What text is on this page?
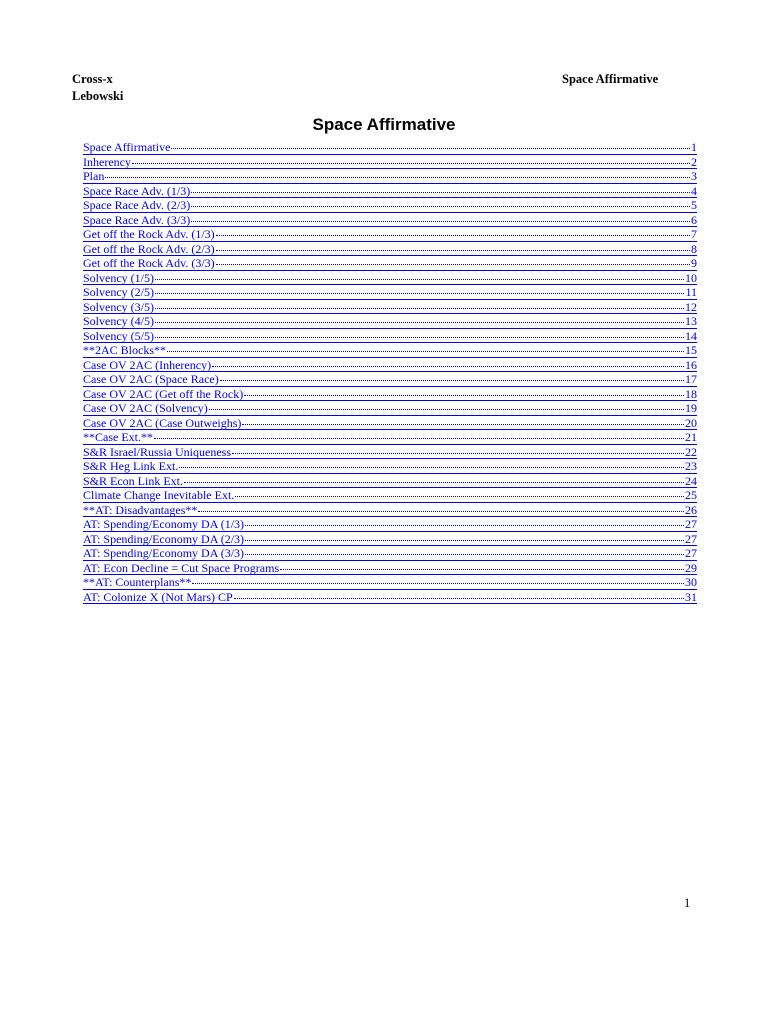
Cross-x
Lebowski
Space Affirmative
Space Affirmative
Space Affirmative	1
Inherency	2
Plan	3
Space Race Adv. (1/3)	4
Space Race Adv. (2/3)	5
Space Race Adv. (3/3)	6
Get off the Rock Adv. (1/3)	7
Get off the Rock Adv. (2/3)	8
Get off the Rock Adv. (3/3)	9
Solvency (1/5)	10
Solvency (2/5)	11
Solvency (3/5)	12
Solvency (4/5)	13
Solvency (5/5)	14
**2AC Blocks**	15
Case OV 2AC (Inherency)	16
Case OV 2AC (Space Race)	17
Case OV 2AC (Get off the Rock)	18
Case OV 2AC (Solvency)	19
Case OV 2AC (Case Outweighs)	20
**Case Ext.**	21
S&R Israel/Russia Uniqueness	22
S&R Heg Link Ext.	23
S&R Econ Link Ext.	24
Climate Change Inevitable Ext.	25
**AT: Disadvantages**	26
AT: Spending/Economy DA (1/3)	27
AT: Spending/Economy DA (2/3)	27
AT: Spending/Economy DA (3/3)	27
AT: Econ Decline = Cut Space Programs	29
**AT: Counterplans**	30
AT: Colonize X (Not Mars) CP	31
1
